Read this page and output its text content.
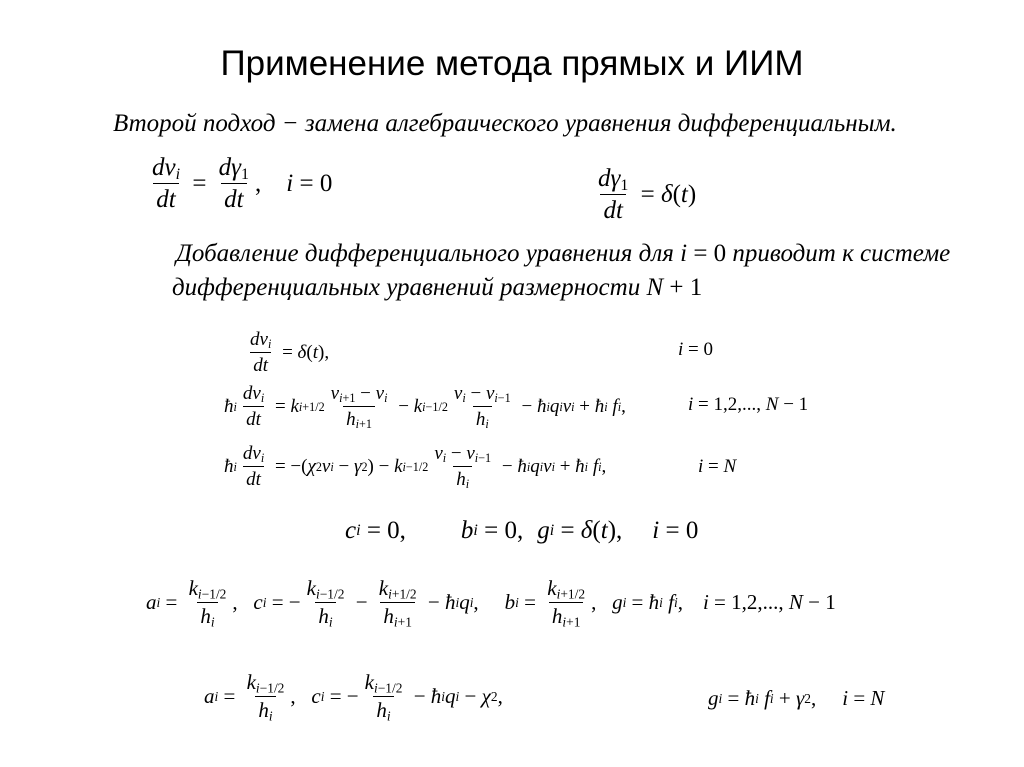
Применение метода прямых и ИИМ
Второй подход − замена алгебраического уравнения дифференциальным.
$\frac{dv_i}{dt} = \frac{d\gamma_1}{dt}$ , i = 0	$\frac{d\gamma_1}{dt} = \delta$ ( t )
Добавление дифференциального уравнения для i = 0 приводит к системе
дифференциальных уравнений размерности N + 1
$\frac{dv_i}{dt} = \delta$ ( t ),	i = 0
ħ i $\frac{dv_i}{dt} = k$ $i+1/2 \frac{v_{i+1} - v_i}{h_{i+1}} - k$ $i-1/2 \frac{v_i - v_{i-1}}{h_i}$ − ħ i q i v i + ħ i
f i ,	i = 1,2,..., N − 1
ħ i $\frac{dv_i}{dt}$ = −( χ 2 v i − γ 2 ) − k $i-1/2 \frac{v_i - v_{i-1}}{h_i}$ − ħ i q i v i + ħ i
f i ,	i = N
c i = 0, b i = 0, g i = δ ( t ), i = 0
a $i = \frac{k_{i-1/2}}{h_i}$ , c i = − $\frac{k_{i-1/2}}{h_i} - \frac{k_{i+1/2}}{h_{i+1}}$ − ħ i q i , b $i = \frac{k_{i+1/2}}{h_{i+1}}$ , g i = ħ i
f i , i = 1,2,..., N − 1
a $i = \frac{k_{i-1/2}}{h_i}$ , c i = − $\frac{k_{i-1/2}}{h_i}$ − ħ i q i − χ 2 ,	g i = ħ i
f i + γ 2 , i = N
